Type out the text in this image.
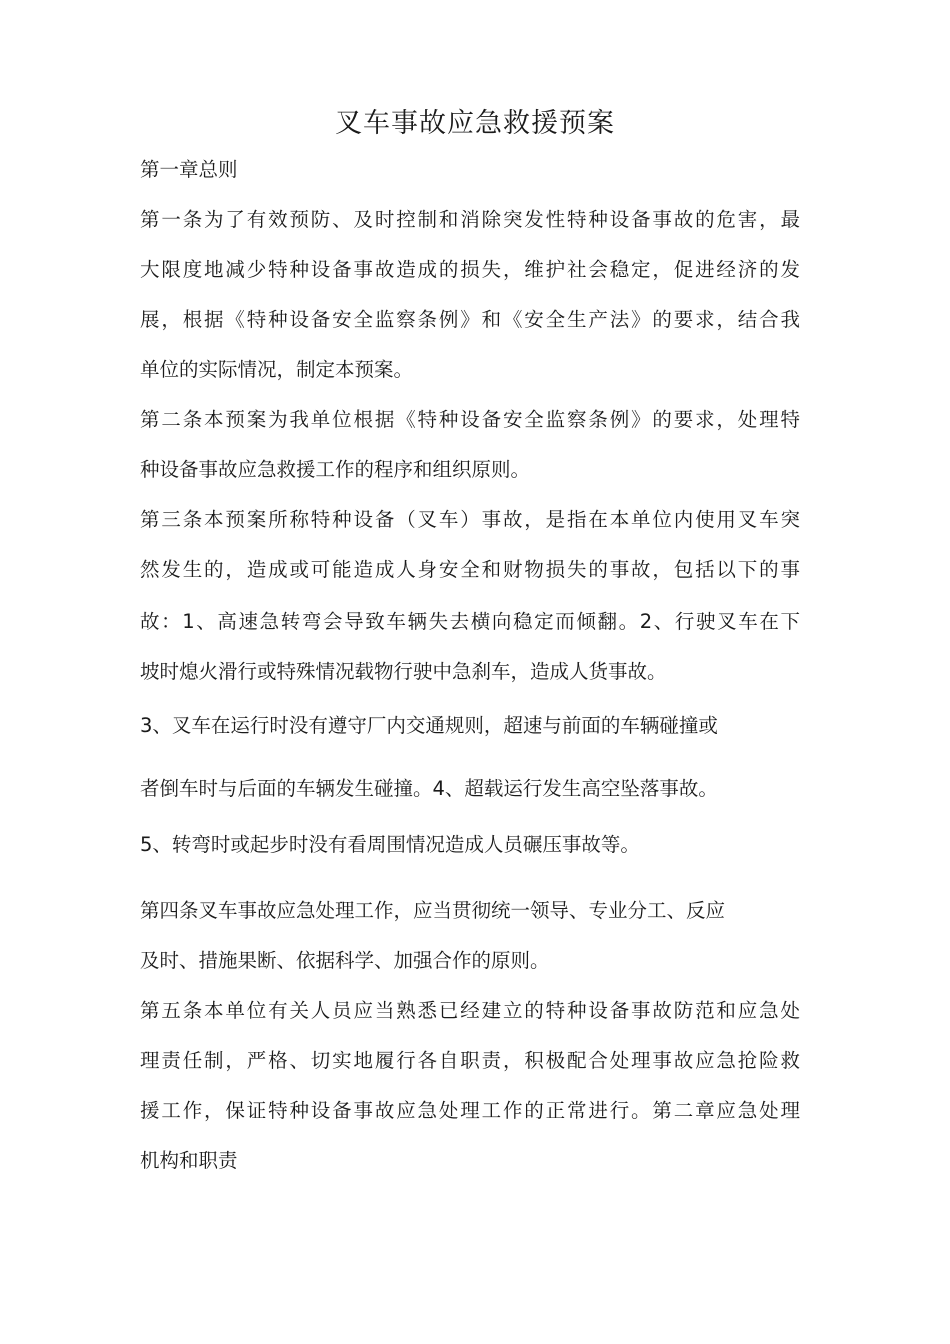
叉车事故应急救援预案
第一章总则
第一条为了有效预防、及时控制和消除突发性特种设备事故的危害，最
大限度地减少特种设备事故造成的损失，维护社会稳定，促进经济的发
展，根据《特种设备安全监察条例》和《安全生产法》的要求，结合我
单位的实际情况，制定本预案。
第二条本预案为我单位根据《特种设备安全监察条例》的要求，处理特
种设备事故应急救援工作的程序和组织原则。
第三条本预案所称特种设备（叉车）事故，是指在本单位内使用叉车突
然发生的，造成或可能造成人身安全和财物损失的事故，包括以下的事
故：1、高速急转弯会导致车辆失去横向稳定而倾翻。2、行驶叉车在下
坡时熄火滑行或特殊情况载物行驶中急刹车，造成人货事故。
3、叉车在运行时没有遵守厂内交通规则，超速与前面的车辆碰撞或
者倒车时与后面的车辆发生碰撞。4、超载运行发生高空坠落事故。
5、转弯时或起步时没有看周围情况造成人员碾压事故等。
第四条叉车事故应急处理工作，应当贯彻统一领导、专业分工、反应
及时、措施果断、依据科学、加强合作的原则。
第五条本单位有关人员应当熟悉已经建立的特种设备事故防范和应急处
理责任制，严格、切实地履行各自职责，积极配合处理事故应急抢险救
援工作，保证特种设备事故应急处理工作的正常进行。第二章应急处理
机构和职责
